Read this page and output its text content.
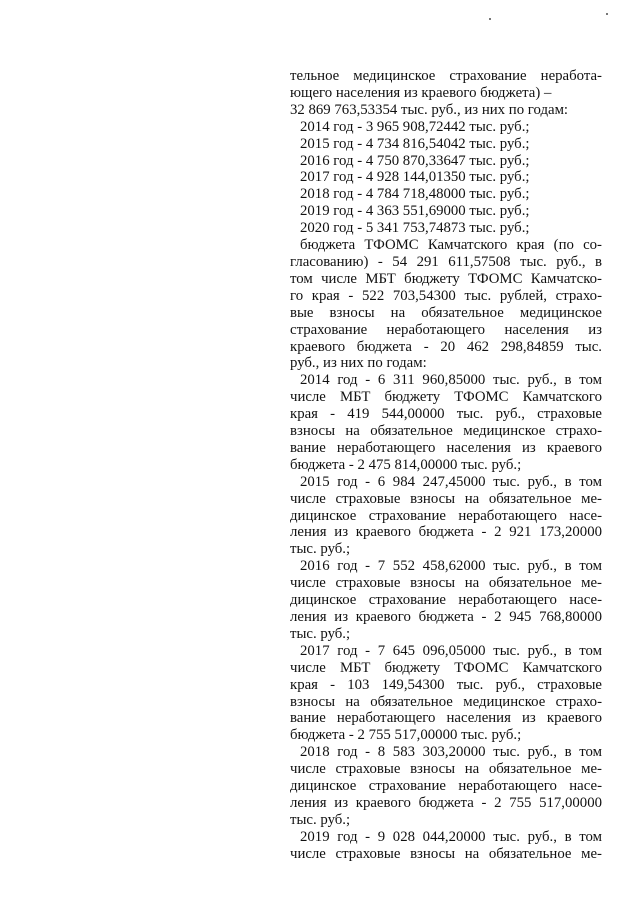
тельное медицинское страхование неработа-
ющего населения из краевого бюджета) –
32 869 763,53354 тыс. руб., из них по годам:
2014 год - 3 965 908,72442 тыс. руб.;
2015 год - 4 734 816,54042 тыс. руб.;
2016 год - 4 750 870,33647 тыс. руб.;
2017 год - 4 928 144,01350 тыс. руб.;
2018 год - 4 784 718,48000 тыс. руб.;
2019 год - 4 363 551,69000 тыс. руб.;
2020 год - 5 341 753,74873 тыс. руб.;
бюджета ТФОМС Камчатского края (по со-
гласованию) - 54 291 611,57508 тыс. руб., в
том числе МБТ бюджету ТФОМС Камчатско-
го края - 522 703,54300 тыс. рублей, страхо-
вые взносы на обязательное медицинское
страхование неработающего населения из
краевого бюджета - 20 462 298,84859 тыс.
руб., из них по годам:
2014 год - 6 311 960,85000 тыс. руб., в том
числе МБТ бюджету ТФОМС Камчатского
края - 419 544,00000 тыс. руб., страховые
взносы на обязательное медицинское страхо-
вание неработающего населения из краевого
бюджета - 2 475 814,00000 тыс. руб.;
2015 год - 6 984 247,45000 тыс. руб., в том
числе страховые взносы на обязательное ме-
дицинское страхование неработающего насе-
ления из краевого бюджета - 2 921 173,20000
тыс. руб.;
2016 год - 7 552 458,62000 тыс. руб., в том
числе страховые взносы на обязательное ме-
дицинское страхование неработающего насе-
ления из краевого бюджета - 2 945 768,80000
тыс. руб.;
2017 год - 7 645 096,05000 тыс. руб., в том
числе МБТ бюджету ТФОМС Камчатского
края - 103 149,54300 тыс. руб., страховые
взносы на обязательное медицинское страхо-
вание неработающего населения из краевого
бюджета - 2 755 517,00000 тыс. руб.;
2018 год - 8 583 303,20000 тыс. руб., в том
числе страховые взносы на обязательное ме-
дицинское страхование неработающего насе-
ления из краевого бюджета - 2 755 517,00000
тыс. руб.;
2019 год - 9 028 044,20000 тыс. руб., в том
числе страховые взносы на обязательное ме-
